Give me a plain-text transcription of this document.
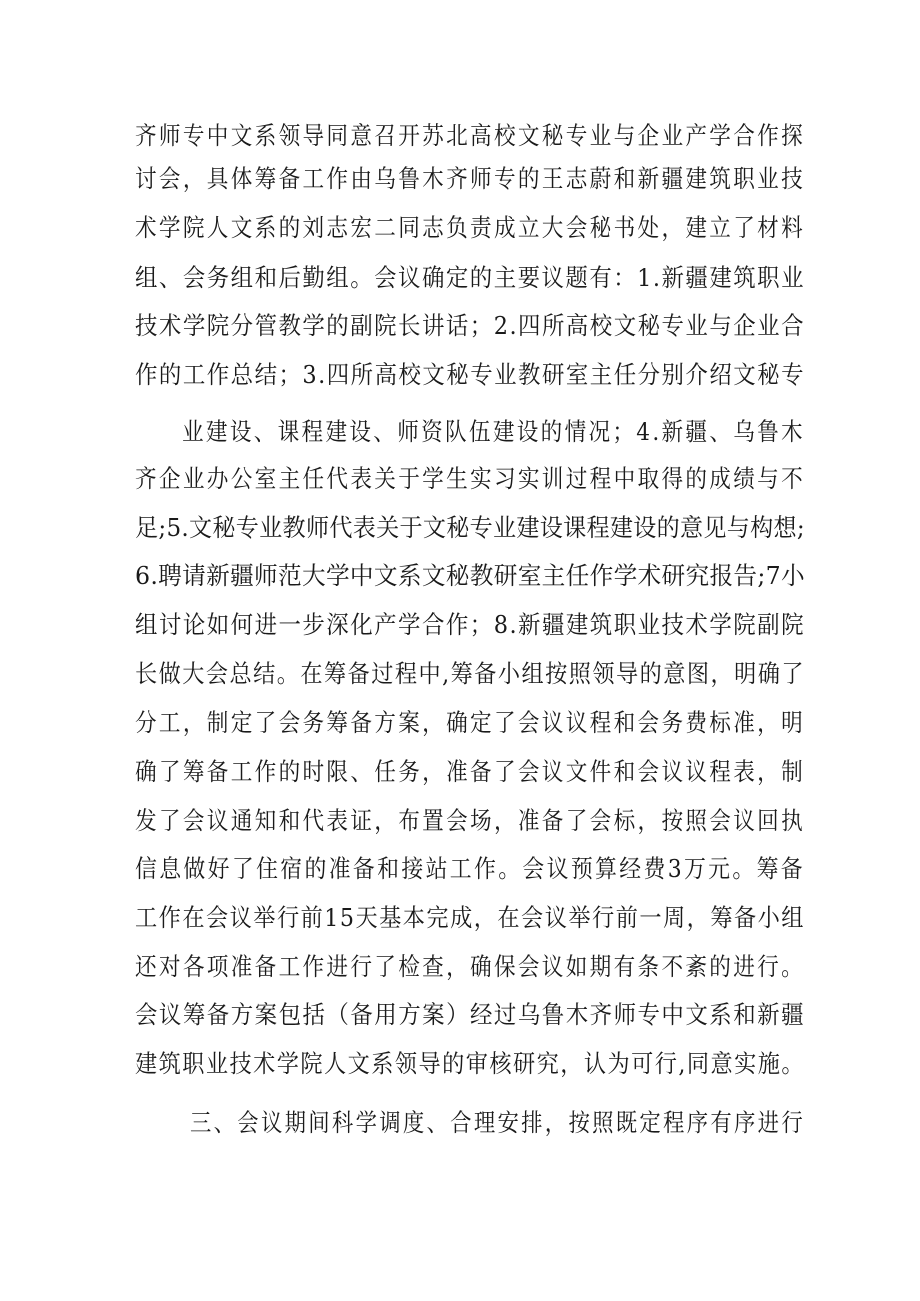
齐师专中文系领导同意召开苏北高校文秘专业与企业产学合作探
讨会，具体筹备工作由乌鲁木齐师专的王志蔚和新疆建筑职业技
术学院人文系的刘志宏二同志负责成立大会秘书处，建立了材料
组、会务组和后勤组。会议确定的主要议题有：1.新疆建筑职业
技术学院分管教学的副院长讲话；2.四所高校文秘专业与企业合
作的工作总结；3.四所高校文秘专业教研室主任分别介绍文秘专
业建设、课程建设、师资队伍建设的情况；4.新疆、乌鲁木
齐企业办公室主任代表关于学生实习实训过程中取得的成绩与不
足;5.文秘专业教师代表关于文秘专业建设课程建设的意见与构想;
6.聘请新疆师范大学中文系文秘教研室主任作学术研究报告;7小
组讨论如何进一步深化产学合作；8.新疆建筑职业技术学院副院
长做大会总结。在筹备过程中,筹备小组按照领导的意图，明确了
分工，制定了会务筹备方案，确定了会议议程和会务费标准，明
确了筹备工作的时限、任务，准备了会议文件和会议议程表，制
发了会议通知和代表证，布置会场，准备了会标，按照会议回执
信息做好了住宿的准备和接站工作。会议预算经费3万元。筹备
工作在会议举行前15天基本完成，在会议举行前一周，筹备小组
还对各项准备工作进行了检查，确保会议如期有条不紊的进行。
会议筹备方案包括（备用方案）经过乌鲁木齐师专中文系和新疆
建筑职业技术学院人文系领导的审核研究，认为可行,同意实施。
三、会议期间科学调度、合理安排，按照既定程序有序进行
